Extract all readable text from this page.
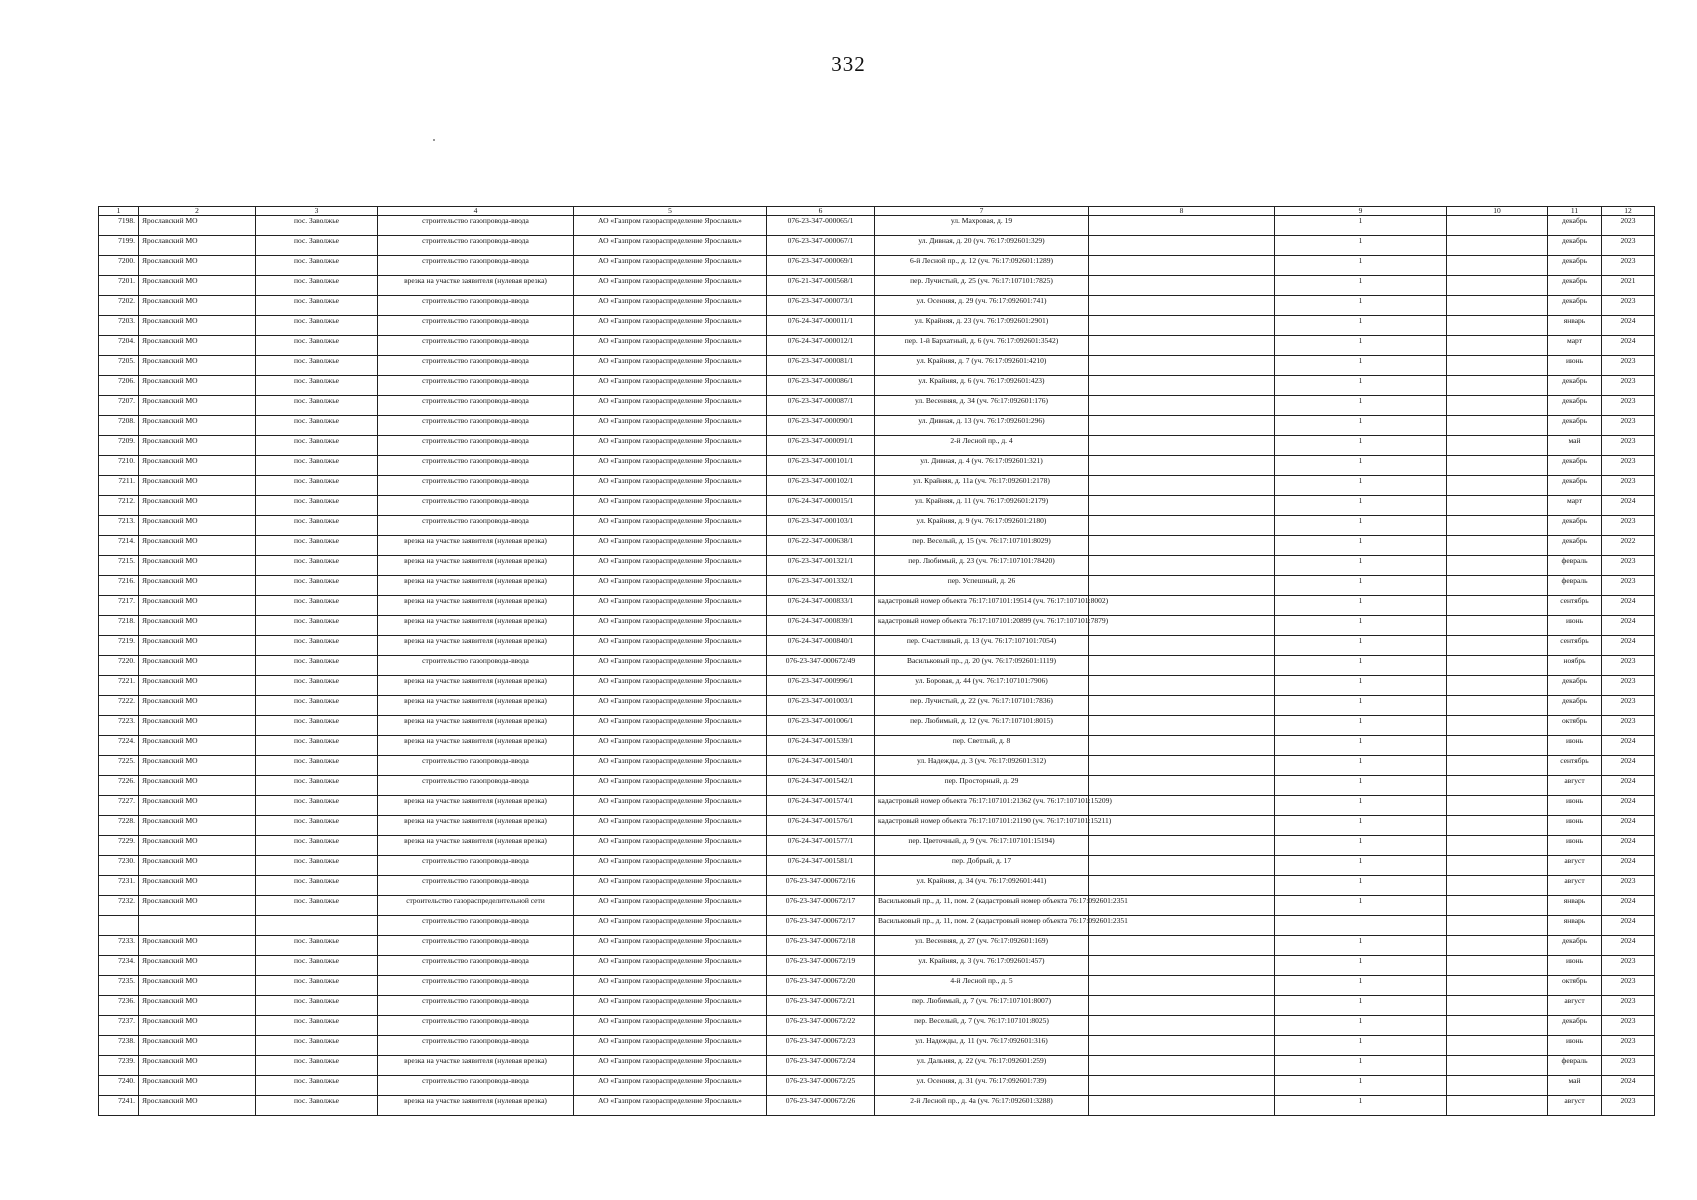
332
1	2	3	4	5	6	7	8	9	10	11	12
7198.	Ярославский МО	пос. Заволжье	строительство газопровода-ввода	АО «Газпром газораспределение Ярославль»	076-23-347-000065/1	ул. Махровая, д. 19		1		декабрь	2023
7199.	Ярославский МО	пос. Заволжье	строительство газопровода-ввода	АО «Газпром газораспределение Ярославль»	076-23-347-000067/1	ул. Дивная, д. 20 (уч. 76:17:092601:329)		1		декабрь	2023
7200.	Ярославский МО	пос. Заволжье	строительство газопровода-ввода	АО «Газпром газораспределение Ярославль»	076-23-347-000069/1	6-й Лесной пр., д. 12 (уч. 76:17:092601:1289)		1		декабрь	2023
7201.	Ярославский МО	пос. Заволжье	врезка на участке заявителя (нулевая врезка)	АО «Газпром газораспределение Ярославль»	076-21-347-000568/1	пер. Лучистый, д. 25 (уч. 76:17:107101:7825)		1		декабрь	2021
7202.	Ярославский МО	пос. Заволжье	строительство газопровода-ввода	АО «Газпром газораспределение Ярославль»	076-23-347-000073/1	ул. Осенняя, д. 29 (уч. 76:17:092601:741)		1		декабрь	2023
7203.	Ярославский МО	пос. Заволжье	строительство газопровода-ввода	АО «Газпром газораспределение Ярославль»	076-24-347-000011/1	ул. Крайняя, д. 23 (уч. 76:17:092601:2901)		1		январь	2024
7204.	Ярославский МО	пос. Заволжье	строительство газопровода-ввода	АО «Газпром газораспределение Ярославль»	076-24-347-000012/1	пер. 1-й Бархатный, д. 6 (уч. 76:17:092601:3542)		1		март	2024
7205.	Ярославский МО	пос. Заволжье	строительство газопровода-ввода	АО «Газпром газораспределение Ярославль»	076-23-347-000081/1	ул. Крайняя, д. 7 (уч. 76:17:092601:4210)		1		июнь	2023
7206.	Ярославский МО	пос. Заволжье	строительство газопровода-ввода	АО «Газпром газораспределение Ярославль»	076-23-347-000086/1	ул. Крайняя, д. 6 (уч. 76:17:092601:423)		1		декабрь	2023
7207.	Ярославский МО	пос. Заволжье	строительство газопровода-ввода	АО «Газпром газораспределение Ярославль»	076-23-347-000087/1	ул. Весенняя, д. 34 (уч. 76:17:092601:176)		1		декабрь	2023
7208.	Ярославский МО	пос. Заволжье	строительство газопровода-ввода	АО «Газпром газораспределение Ярославль»	076-23-347-000090/1	ул. Дивная, д. 13 (уч. 76:17:092601:296)		1		декабрь	2023
7209.	Ярославский МО	пос. Заволжье	строительство газопровода-ввода	АО «Газпром газораспределение Ярославль»	076-23-347-000091/1	2-й Лесной пр., д. 4		1		май	2023
7210.	Ярославский МО	пос. Заволжье	строительство газопровода-ввода	АО «Газпром газораспределение Ярославль»	076-23-347-000101/1	ул. Дивная, д. 4 (уч. 76:17:092601:321)		1		декабрь	2023
7211.	Ярославский МО	пос. Заволжье	строительство газопровода-ввода	АО «Газпром газораспределение Ярославль»	076-23-347-000102/1	ул. Крайняя, д. 11а (уч. 76:17:092601:2178)		1		декабрь	2023
7212.	Ярославский МО	пос. Заволжье	строительство газопровода-ввода	АО «Газпром газораспределение Ярославль»	076-24-347-000015/1	ул. Крайняя, д. 11 (уч. 76:17:092601:2179)		1		март	2024
7213.	Ярославский МО	пос. Заволжье	строительство газопровода-ввода	АО «Газпром газораспределение Ярославль»	076-23-347-000103/1	ул. Крайняя, д. 9 (уч. 76:17:092601:2180)		1		декабрь	2023
7214.	Ярославский МО	пос. Заволжье	врезка на участке заявителя (нулевая врезка)	АО «Газпром газораспределение Ярославль»	076-22-347-000638/1	пер. Веселый, д. 15 (уч. 76:17:107101:8029)		1		декабрь	2022
7215.	Ярославский МО	пос. Заволжье	врезка на участке заявителя (нулевая врезка)	АО «Газпром газораспределение Ярославль»	076-23-347-001321/1	пер. Любимый, д. 23 (уч. 76:17:107101:78420)		1		февраль	2023
7216.	Ярославский МО	пос. Заволжье	врезка на участке заявителя (нулевая врезка)	АО «Газпром газораспределение Ярославль»	076-23-347-001332/1	пер. Успешный, д. 26		1		февраль	2023
7217.	Ярославский МО	пос. Заволжье	врезка на участке заявителя (нулевая врезка)	АО «Газпром газораспределение Ярославль»	076-24-347-000833/1	кадастровый номер объекта 76:17:107101:19514 (уч. 76:17:107101:8002)		1		сентябрь	2024
7218.	Ярославский МО	пос. Заволжье	врезка на участке заявителя (нулевая врезка)	АО «Газпром газораспределение Ярославль»	076-24-347-000839/1	кадастровый номер объекта 76:17:107101:20899 (уч. 76:17:107101:7879)		1		июнь	2024
7219.	Ярославский МО	пос. Заволжье	врезка на участке заявителя (нулевая врезка)	АО «Газпром газораспределение Ярославль»	076-24-347-000840/1	пер. Счастливый, д. 13 (уч. 76:17:107101:7054)		1		сентябрь	2024
7220.	Ярославский МО	пос. Заволжье	строительство газопровода-ввода	АО «Газпром газораспределение Ярославль»	076-23-347-000672/49	Васильковый пр., д. 20 (уч. 76:17:092601:1119)		1		ноябрь	2023
7221.	Ярославский МО	пос. Заволжье	врезка на участке заявителя (нулевая врезка)	АО «Газпром газораспределение Ярославль»	076-23-347-000996/1	ул. Боровая, д. 44 (уч. 76:17:107101:7906)		1		декабрь	2023
7222.	Ярославский МО	пос. Заволжье	врезка на участке заявителя (нулевая врезка)	АО «Газпром газораспределение Ярославль»	076-23-347-001003/1	пер. Лучистый, д. 22 (уч. 76:17:107101:7836)		1		декабрь	2023
7223.	Ярославский МО	пос. Заволжье	врезка на участке заявителя (нулевая врезка)	АО «Газпром газораспределение Ярославль»	076-23-347-001006/1	пер. Любимый, д. 12 (уч. 76:17:107101:8015)		1		октябрь	2023
7224.	Ярославский МО	пос. Заволжье	врезка на участке заявителя (нулевая врезка)	АО «Газпром газораспределение Ярославль»	076-24-347-001539/1	пер. Светлый, д. 8		1		июнь	2024
7225.	Ярославский МО	пос. Заволжье	строительство газопровода-ввода	АО «Газпром газораспределение Ярославль»	076-24-347-001540/1	ул. Надежды, д. 3 (уч. 76:17:092601:312)		1		сентябрь	2024
7226.	Ярославский МО	пос. Заволжье	строительство газопровода-ввода	АО «Газпром газораспределение Ярославль»	076-24-347-001542/1	пер. Просторный, д. 29		1		август	2024
7227.	Ярославский МО	пос. Заволжье	врезка на участке заявителя (нулевая врезка)	АО «Газпром газораспределение Ярославль»	076-24-347-001574/1	кадастровый номер объекта 76:17:107101:21362 (уч. 76:17:107101:15209)		1		июнь	2024
7228.	Ярославский МО	пос. Заволжье	врезка на участке заявителя (нулевая врезка)	АО «Газпром газораспределение Ярославль»	076-24-347-001576/1	кадастровый номер объекта 76:17:107101:21190 (уч. 76:17:107101:15211)		1		июнь	2024
7229.	Ярославский МО	пос. Заволжье	врезка на участке заявителя (нулевая врезка)	АО «Газпром газораспределение Ярославль»	076-24-347-001577/1	пер. Цветочный, д. 9 (уч. 76:17:107101:15194)		1		июнь	2024
7230.	Ярославский МО	пос. Заволжье	строительство газопровода-ввода	АО «Газпром газораспределение Ярославль»	076-24-347-001581/1	пер. Добрый, д. 17		1		август	2024
7231.	Ярославский МО	пос. Заволжье	строительство газопровода-ввода	АО «Газпром газораспределение Ярославль»	076-23-347-000672/16	ул. Крайняя, д. 34 (уч. 76:17:092601:441)		1		август	2023
7232.	Ярославский МО	пос. Заволжье	строительство газораспределительной сети	АО «Газпром газораспределение Ярославль»	076-23-347-000672/17	Васильковый пр., д. 11, пом. 2 (кадастровый номер объекта 76:17:092601:2351		1		январь	2024
			строительство газопровода-ввода	АО «Газпром газораспределение Ярославль»	076-23-347-000672/17	Васильковый пр., д. 11, пом. 2 (кадастровый номер объекта 76:17:092601:2351				январь	2024
7233.	Ярославский МО	пос. Заволжье	строительство газопровода-ввода	АО «Газпром газораспределение Ярославль»	076-23-347-000672/18	ул. Весенняя, д. 27 (уч. 76:17:092601:169)		1		декабрь	2024
7234.	Ярославский МО	пос. Заволжье	строительство газопровода-ввода	АО «Газпром газораспределение Ярославль»	076-23-347-000672/19	ул. Крайняя, д. 3 (уч. 76:17:092601:457)		1		июнь	2023
7235.	Ярославский МО	пос. Заволжье	строительство газопровода-ввода	АО «Газпром газораспределение Ярославль»	076-23-347-000672/20	4-й Лесной пр., д. 5		1		октябрь	2023
7236.	Ярославский МО	пос. Заволжье	строительство газопровода-ввода	АО «Газпром газораспределение Ярославль»	076-23-347-000672/21	пер. Любимый, д. 7 (уч. 76:17:107101:8007)		1		август	2023
7237.	Ярославский МО	пос. Заволжье	строительство газопровода-ввода	АО «Газпром газораспределение Ярославль»	076-23-347-000672/22	пер. Веселый, д. 7 (уч. 76:17:107101:8025)		1		декабрь	2023
7238.	Ярославский МО	пос. Заволжье	строительство газопровода-ввода	АО «Газпром газораспределение Ярославль»	076-23-347-000672/23	ул. Надежды, д. 11 (уч. 76:17:092601:316)		1		июнь	2023
7239.	Ярославский МО	пос. Заволжье	врезка на участке заявителя (нулевая врезка)	АО «Газпром газораспределение Ярославль»	076-23-347-000672/24	ул. Дальняя, д. 22 (уч. 76:17:092601:259)		1		февраль	2023
7240.	Ярославский МО	пос. Заволжье	строительство газопровода-ввода	АО «Газпром газораспределение Ярославль»	076-23-347-000672/25	ул. Осенняя, д. 31 (уч. 76:17:092601:739)		1		май	2024
7241.	Ярославский МО	пос. Заволжье	врезка на участке заявителя (нулевая врезка)	АО «Газпром газораспределение Ярославль»	076-23-347-000672/26	2-й Лесной пр., д. 4а (уч. 76:17:092601:3288)		1		август	2023
